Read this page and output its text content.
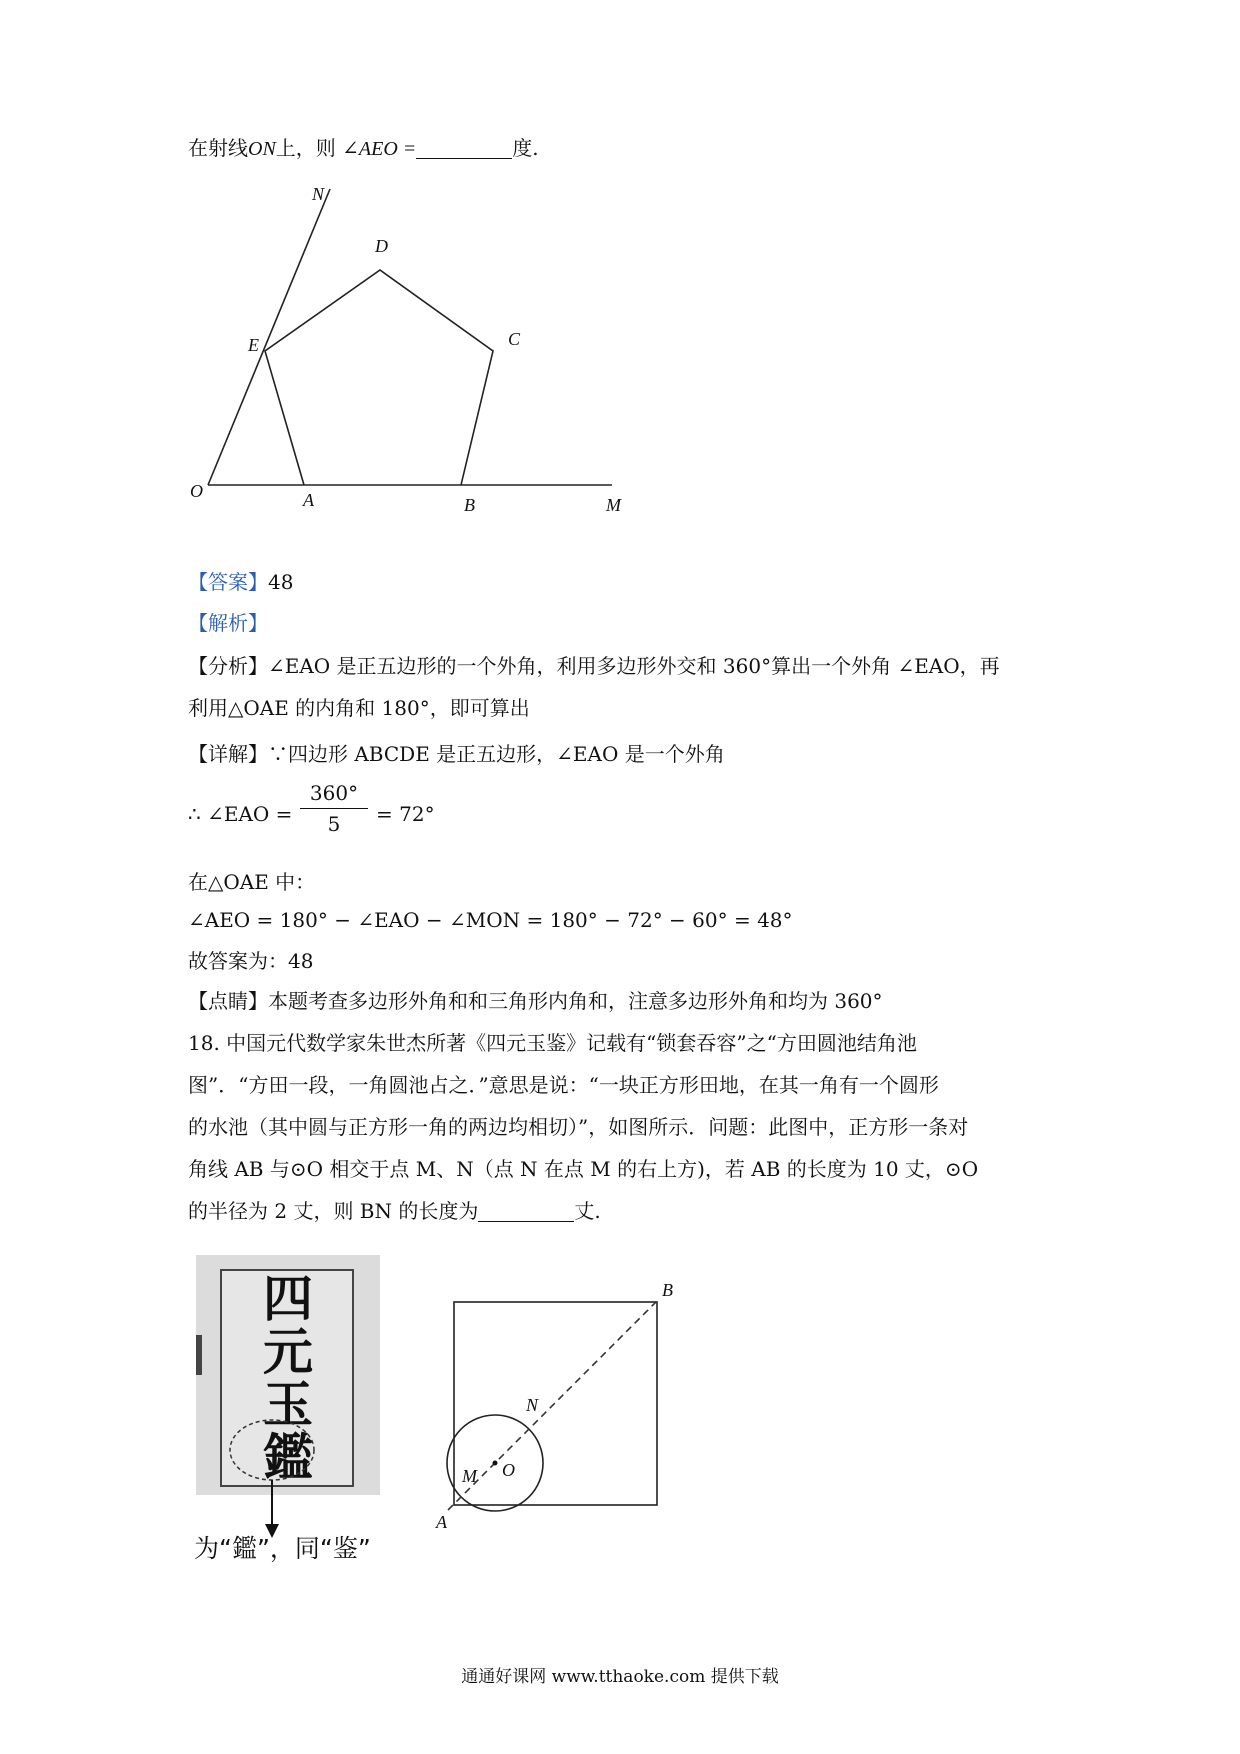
在射线ON上，则 ∠AEO =	度.
N
D
C
E
O	A	B	M
【答案】48
【解析】
【分析】∠EAO 是正五边形的一个外角，利用多边形外交和 360°算出一个外角 ∠EAO，再
利用△OAE 的内角和 180°，即可算出
【详解】∵四边形 ABCDE 是正五边形，∠EAO 是一个外角
∴ ∠EAO =
360°
5	= 72°
在△OAE 中：
∠AEO = 180° − ∠EAO − ∠MON = 180° − 72° − 60° = 48°
故答案为：48
【点睛】本题考查多边形外角和和三角形内角和，注意多边形外角和均为 360°
18. 中国元代数学家朱世杰所著《四元玉鉴》记载有“锁套吞容”之“方田圆池结角池
图”．“方田一段，一角圆池占之．”意思是说：“一块正方形田地，在其一角有一个圆形
的水池（其中圆与正方形一角的两边均相切）”，如图所示．问题：此图中，正方形一条对
角线 AB 与⊙O 相交于点 M、N（点 N 在点 M 的右上方)，若 AB 的长度为 10 丈，⊙O
的半径为 2 丈，则 BN 的长度为	丈.
四
元
玉
鑑
为“鑑”，同“鉴”
B
N
M O
A
通通好课网 www.tthaoke.com 提供下载
